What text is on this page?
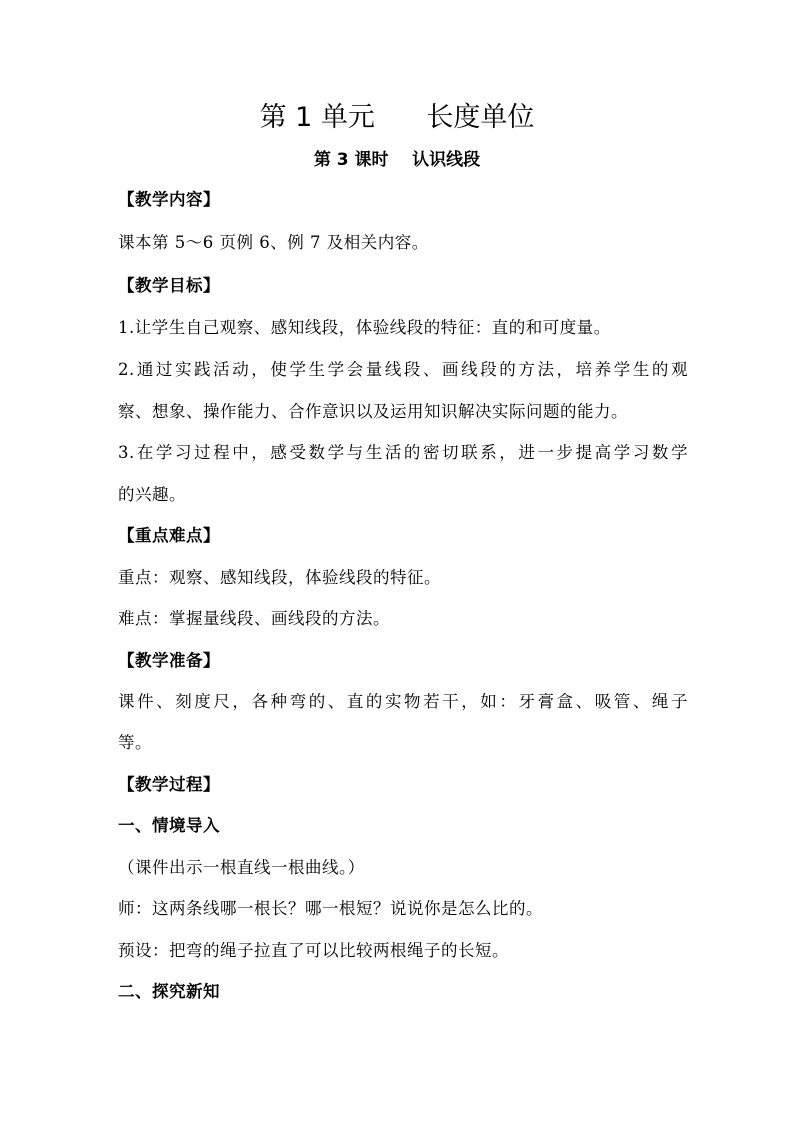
第 1 单元      长度单位
第 3 课时    认识线段
【教学内容】
课本第 5～6 页例 6、例 7 及相关内容。
【教学目标】
1.让学生自己观察、感知线段，体验线段的特征：直的和可度量。
2.通过实践活动，使学生学会量线段、画线段的方法，培养学生的观
察、想象、操作能力、合作意识以及运用知识解决实际问题的能力。
3.在学习过程中，感受数学与生活的密切联系，进一步提高学习数学
的兴趣。
【重点难点】
重点：观察、感知线段，体验线段的特征。
难点：掌握量线段、画线段的方法。
【教学准备】
课件、刻度尺，各种弯的、直的实物若干，如：牙膏盒、吸管、绳子
等。
【教学过程】
一、情境导入
（课件出示一根直线一根曲线。）
师：这两条线哪一根长？哪一根短？说说你是怎么比的。
预设：把弯的绳子拉直了可以比较两根绳子的长短。
二、探究新知
